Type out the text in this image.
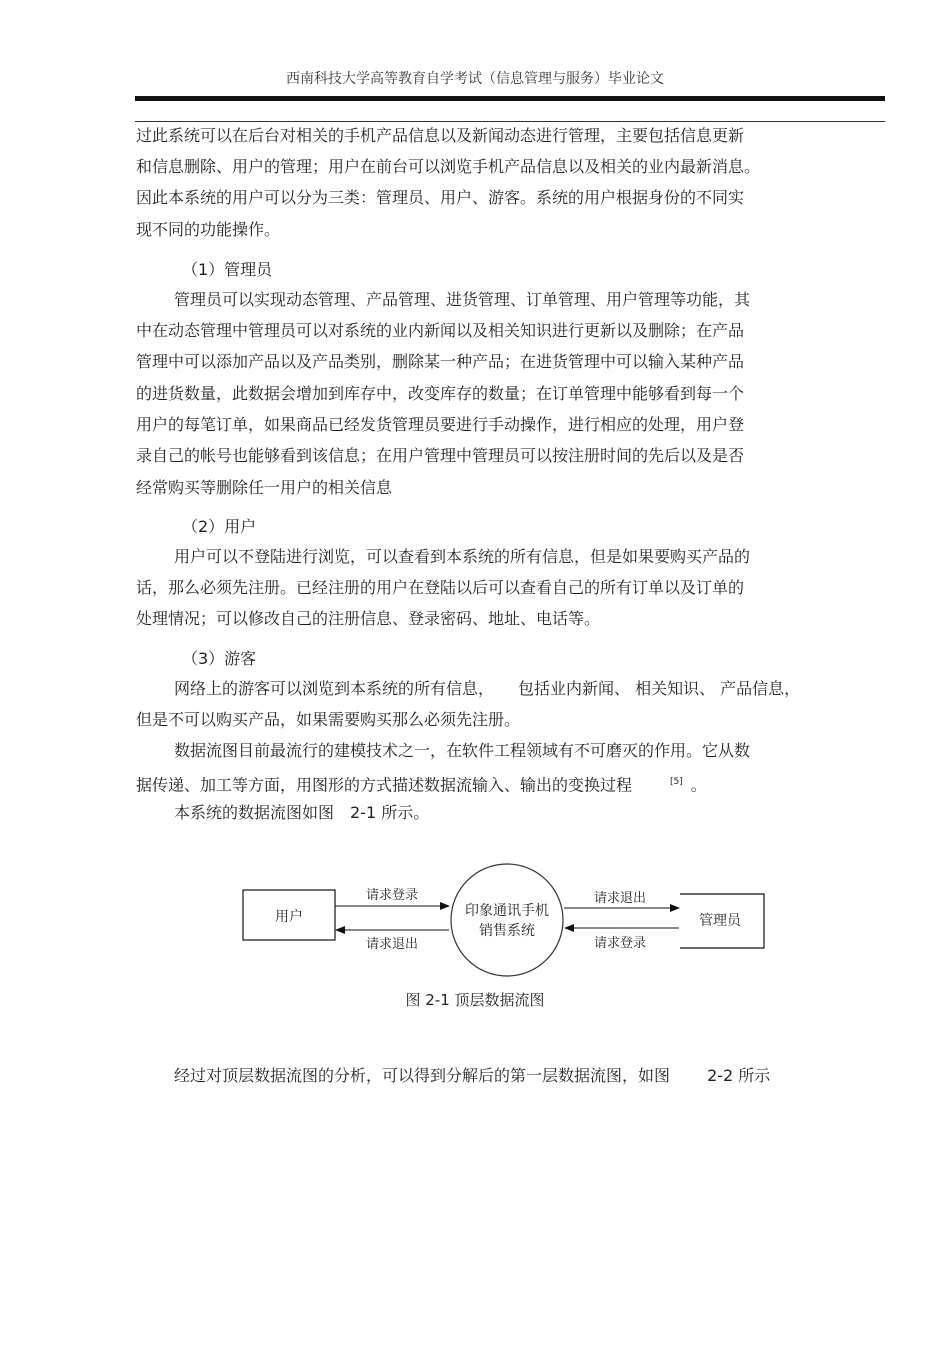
西南科技大学高等教育自学考试（信息管理与服务）毕业论文
过此系统可以在后台对相关的手机产品信息以及新闻动态进行管理，主要包括信息更新
和信息删除、用户的管理；用户在前台可以浏览手机产品信息以及相关的业内最新消息。
因此本系统的用户可以分为三类：管理员、用户、游客。系统的用户根据身份的不同实
现不同的功能操作。
（1）管理员
管理员可以实现动态管理、产品管理、进货管理、订单管理、用户管理等功能，其
中在动态管理中管理员可以对系统的业内新闻以及相关知识进行更新以及删除；在产品
管理中可以添加产品以及产品类别，删除某一种产品；在进货管理中可以输入某种产品
的进货数量，此数据会增加到库存中，改变库存的数量；在订单管理中能够看到每一个
用户的每笔订单，如果商品已经发货管理员要进行手动操作，进行相应的处理，用户登
录自己的帐号也能够看到该信息；在用户管理中管理员可以按注册时间的先后以及是否
经常购买等删除任一用户的相关信息
（2）用户
用户可以不登陆进行浏览，可以查看到本系统的所有信息，但是如果要购买产品的
话，那么必须先注册。已经注册的用户在登陆以后可以查看自己的所有订单以及订单的
处理情况；可以修改自己的注册信息、登录密码、地址、电话等。
（3）游客
网络上的游客可以浏览到本系统的所有信息，　　包括业内新闻、 相关知识、 产品信息，
但是不可以购买产品，如果需要购买那么必须先注册。
数据流图目前最流行的建模技术之一，在软件工程领域有不可磨灭的作用。它从数
据传递、加工等方面，用图形的方式描述数据流输入、输出的变换过程	[5] 。
本系统的数据流图如图　2-1 所示。
用户	印象通讯手机
销售系统
管理员
请求登录
请求退出
请求退出
请求登录
图 2-1 顶层数据流图
经过对顶层数据流图的分析，可以得到分解后的第一层数据流图，如图　　 2-2 所示
